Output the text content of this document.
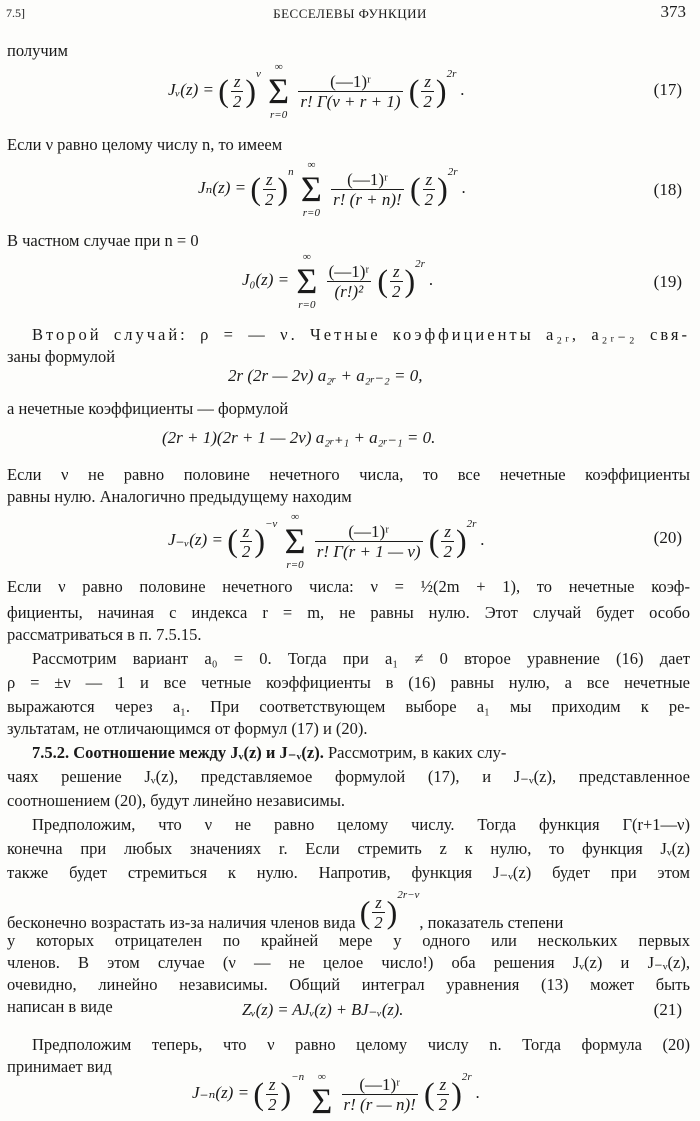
7.5]	БЕССЕЛЕВЫ ФУНКЦИИ	373
получим
Jᵥ(z) = ( $\frac{z}{2} )^\nu$
∞
Σ
r=0

$\frac{\text{(—1)ʳ}}{r! \Gamma(\nu + r + 1)}$ ( $\frac{z}{2} )^{2r}$ .	(17)
Если ν равно целому числу n, то имеем
Jₙ(z) = ( $\frac{z}{2} )^n$
∞
Σ
r=0

$\frac{\text{(—1)ʳ}}{r! (r + n)!}$ ( $\frac{z}{2} )^{2r}$ .	(18)
В частном случае при n = 0
J₀(z) =
∞
Σ
r=0

$\frac{\text{(—1)ʳ}}{\text{(r!)²}}$ ( $\frac{z}{2} )^{2r}$ .	(19)
Второй случай: ρ = — ν. Четные коэффициенты a₂ᵣ, a₂ᵣ₋₂ свя-
заны формулой
2r (2r — 2ν) a₂ᵣ + a₂ᵣ₋₂ = 0,
а нечетные коэффициенты — формулой
(2r + 1)(2r + 1 — 2ν) a₂ᵣ₊₁ + a₂ᵣ₋₁ = 0.
Если ν не равно половине нечетного числа, то все нечетные коэффициенты
равны нулю. Аналогично предыдущему находим
J₋ᵥ(z) = ( $\frac{z}{2} )^{-\nu}$
∞
Σ
r=0

$\frac{\text{(—1)ʳ}}{r! \Gamma(r + 1 — \nu)}$ ( $\frac{z}{2} )^{2r}$ .	(20)
Если ν равно половине нечетного числа: ν = ½(2m + 1), то нечетные коэф-
фициенты, начиная с индекса r = m, не равны нулю. Этот случай будет особо
рассматриваться в п. 7.5.15.
Рассмотрим вариант a₀ = 0. Тогда при a₁ ≠ 0 второе уравнение (16) дает
ρ = ±ν — 1 и все четные коэффициенты в (16) равны нулю, а все нечетные
выражаются через a₁. При соответствующем выборе a₁ мы приходим к ре-
зультатам, не отличающимся от формул (17) и (20).
7.5.2. Соотношение между Jᵥ(z) и J₋ᵥ(z). Рассмотрим, в каких слу-
чаях решение Jᵥ(z), представляемое формулой (17), и J₋ᵥ(z), представленное
соотношением (20), будут линейно независимы.
Предположим, что ν не равно целому числу. Тогда функция Γ(r+1—ν)
конечна при любых значениях r. Если стремить z к нулю, то функция Jᵥ(z)
также будет стремиться к нулю. Напротив, функция J₋ᵥ(z) будет при этом
бесконечно возрастать из-за наличия членов вида ( $\frac{z}{2} )^{2r-\nu}$, показатель степени
у которых отрицателен по крайней мере у одного или нескольких первых
членов. В этом случае (ν — не целое число!) оба решения Jᵥ(z) и J₋ᵥ(z),
очевидно, линейно независимы. Общий интеграл уравнения (13) может быть
написан в виде	Zᵥ(z) = AJᵥ(z) + BJ₋ᵥ(z).	(21)
Предположим теперь, что ν равно целому числу n. Тогда формула (20)
принимает вид
J₋ₙ(z) = ( $\frac{z}{2} )^{-n}$	∞
Σ
$\frac{\text{(—1)ʳ}}{r! (r — n)!}$ ( $\frac{z}{2} )^{2r}$ .
